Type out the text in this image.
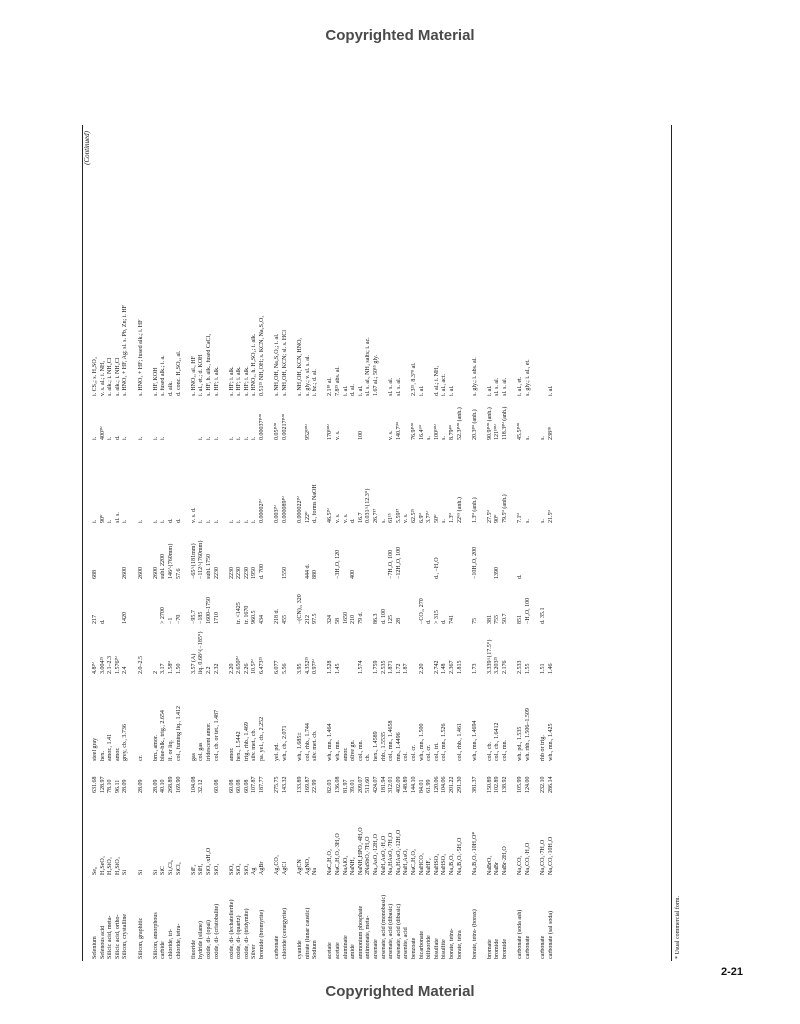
Copyrighted Material
(Continued)
Selenium
Se₈
631.68
steel gray
4.8²⁰
217
688
i.
i.
i. CS₂; s. H₂SO₄
Selenous acid
H₂SeO₃
128.97
hex.
3.004²⁵
d.
90⁰
400⁹⁰
v. s. al.; i. NH₃
Silicic acid, meta-
H₂SiO₃
78.10
amor., 1.41
2.1–2.3
i.
i.
s. alk.; i. NH₄Cl
Silicic acid, ortho-
H₄SiO₄
96.11
amor.
1.576²⁰
sl. s.
d.
s. alk.; i. NH₄Cl
Silicon, crystalline
Si
28.09
grey, cb., 3.736
2.4
1420
2600
i.
i.
s. HNO₃ + HF, Ag; sl. s. Pb, Zn; i. HF
Silicon, graphitic
Si
28.09
cr.
2.0–2.5
2600
i.
i.
s. HNO₃ + HF; fused alk.; i. HF
Silicon, amorphous
Si
28.09
brn., amor.
2
2600
i.
i.
s. HF, KOH
carbide
SiC
40.10
blue-blk., trig., 2.654
3.17
> 2700
subl. 2200
i.
i.
s. fused alk.; i. a.
chloride, tri-
Si₂Cl₆
268.89
lf. or liq.
1.58⁰
−1
146^{760mm}
d.
d. alk.
chloride, tetra-
SiCl₄
169.90
col., fuming liq., 1.412
1.50
−70
57.6
d.
d. conc. H₂SO₄, al.
fluoride
SiF₄
104.08
gas
3.57 (A)
−95.7
−65^{181mm}
v. s. d.
s. HNO₃, al., HF
hydride (silane)
SiH₄
32.12
col. gas
liq. 0.68^{−185°}
−185
−112^{760mm}
i.
i.
i. al., et.; d. KOH
oxide, di- (opal)
SiO₂·xH₂O
iridescent amor.
2.2
1600–1750
subl. 1750
i.
i.
s. HF, h. alk., fused CaCl₂
oxide, di- (cristobalite)
SiO₂
60.08
col., cb. or tet., 1.487
2.32
1710
2230
i.
i.
s. HF; i. alk.
oxide, di- (lechatelierite)
SiO₂
60.08
amor.
2.20
2230
i.
i.
s. HF; i. alk.
oxide, di- (quartz)
SiO₂
60.08
hex., 1.5442
2.650²⁰
tr. <1425
2230
i.
i.
s. HF; i. alk.
oxide, di- (tridymite)
SiO₂
60.08
trig., rhb., 1.469
2.26
tr. 1670
2230
i.
i.
s. HF; i. alk.
Silver
Ag
107.87
silv. met., cb.
10.5²⁰
960.5
1950
i.
i.
s. HNO₃, h. H₂SO₄; i. alk.
bromide (bromyrite)
AgBr
187.77
pa. yel., cb., 2.252
6.473²⁵
434
d. 700
0.00002²⁰
0.00037¹⁰⁰
0.51²⁵ NH₄OH; s. KCN, Na₂S₂O₃
carbonate
Ag₂CO₃
275.75
yel. pd.
6.077
218 d.
0.003²⁰
0.05¹⁰⁰
s. NH₄OH, Na₂S₂O₃; i. al.
chloride (cerargyrite)
AgCl
143.32
wh., cb., 2.071
5.56
455
1550
0.000089¹⁰
0.00217¹⁰⁰
s. NH₄OH, KCN; sl. s. HCl
cyanide
AgCN
133.89
wh., 1.685±
3.95
−(CN)₂, 320
0.000022²⁰
s. NH₄OH, KCN, HNO₃
nitrate (lunar caustic)
AgNO₃
169.87
col., rhb., 1.744
4.352²⁵
212
444 d.
122⁰
952¹⁰⁰
s. gly.; v. sl. s. al.
Sodium
Na
22.99
silv. met. cb.
0.97²⁰
97.5
880
d., forms NaOH
i. bz.; d. al.
acetate
NaC₂H₃O₂
82.03
wh., mn., 1.464
1.528
324
46.5²⁰
170¹⁰⁰
2.1¹⁸ al.
acetate
NaC₂H₃O₂·3H₂O
136.08
wh., mn.
1.45
58
−3H₂O, 120
v. s.
v. s.
7.8²⁵ abs. al.
aluminate
NaAlO₂
81.97
amor.
1650
v. s.
i. al.
amide
NaNH₂
39.01
olive gn.
210
400
d.
d. al.
ammonium phosphate
NaNH₄HPO₄·4H₂O
209.07
col., mn.
1.574
79 d.
16.7
100
i. al.
antimonate, meta-
2NaSbO₃·7H₂O
511.60
ch.
0.031^{12.3°}
sl. s. al., NH₄ salts; i. ac.
arsenate
Na₃AsO₄·12H₂O
424.07
hex., 1.4589
1.759
86.3
26.7¹⁷
1.67 al.; 50¹⁵ gly.
arsenate, acid (monobasic)
NaH₂AsO₄·H₂O
181.94
rhb., 1.5535
2.535
d. 100
s.
arsenate, acid (dibasic)
Na₂HAsO₄·7H₂O
312.01
col., mn., 1.4658
1.871
125
−7H₂O, 100
61¹⁵
v. s.
sl. s. al.
arsenate, acid (dibasic)
Na₂HAsO₄·12H₂O
402.09
mn., 1.4496
1.72
28
−12H₂O, 100
5.59¹⁷
140.7⁹⁰
sl. s. al.
arsenite, acid
NaH₂AsO₃
148.89
col.
1.87
v. s.
benzoate
NaC₇H₅O₂
144.10
col. cr.
62.5²⁵
76.9¹⁰⁰
2.3²⁵, 8.3⁷⁸ al.
bicarbonate
NaHCO₃
84.01
wh., mn., 1.500
2.20
−CO₂, 270
6.9⁰
16.4⁶⁰
i. al.
bifluoride
NaHF₂
61.99
col. cr.
d.
3.7²⁰
s.
bisulfate
NaHSO₄
120.06
col., tri.
2.742
> 315
d., −H₂O
50⁰
100¹⁰⁰
d. al.; i. NH₃
bisulfite
NaHSO₃
104.06
col., mn., 1.526
1.48
d.
s.
s.
i. al., act.
borate, tetra-
Na₂B₄O₇
201.22
2.367
741
1.3⁰
8.79⁴⁰
i. al.
borate, tetra
Na₂B₄O₇·5H₂O
291.30
col., rhb., 1.461
1.815
22⁶⁵ (anh.)
52.3¹⁰⁰ (anh.)
borate, tetra- (borax)
Na₂B₄O₇·10H₂O*
381.37
wh., mn., 1.4694
1.73
75
−10H₂O, 200
1.3⁰ (anh.)
20.3⁸⁰ (anh.)
s. gly.; i. abs. al.
bromate
NaBrO₃
150.89
col., cb.
3.339^{17.5°}
381
27.5⁰
90.9¹⁰⁰ (anh.)
i. al.
bromide
NaBr
102.89
col., cb., 1.6412
3.203²⁵
755
1390
90⁰
121¹⁰⁰
sl. s. al.
bromide
NaBr·2H₂O
138.92
col., mn.
2.176
50.7
79.5⁰ (anh.)
118.3⁸⁰ (anh.)
sl. s. al.
carbonate (soda ash)
Na₂CO₃
105.99
wh. pd., 1.535
2.533
851
d.
7.1⁰
45.5¹⁰⁰
i. al., et.
carbonate
Na₂CO₃·H₂O
124.00
wh. rhb., 1.506–1.509
1.55
−H₂O, 100
s.
s.
s. gly.; i. al., et.
carbonate
Na₂CO₃·7H₂O
232.10
rhb or trig.
1.51
d. 35.1
s.
s.
carbonate (sal soda)
Na₂CO₃·10H₂O
286.14
wh., mn., 1.425
1.46
21.5⁰
238³⁸
i. al.
* Usual commercial form.
2-21
Copyrighted Material
